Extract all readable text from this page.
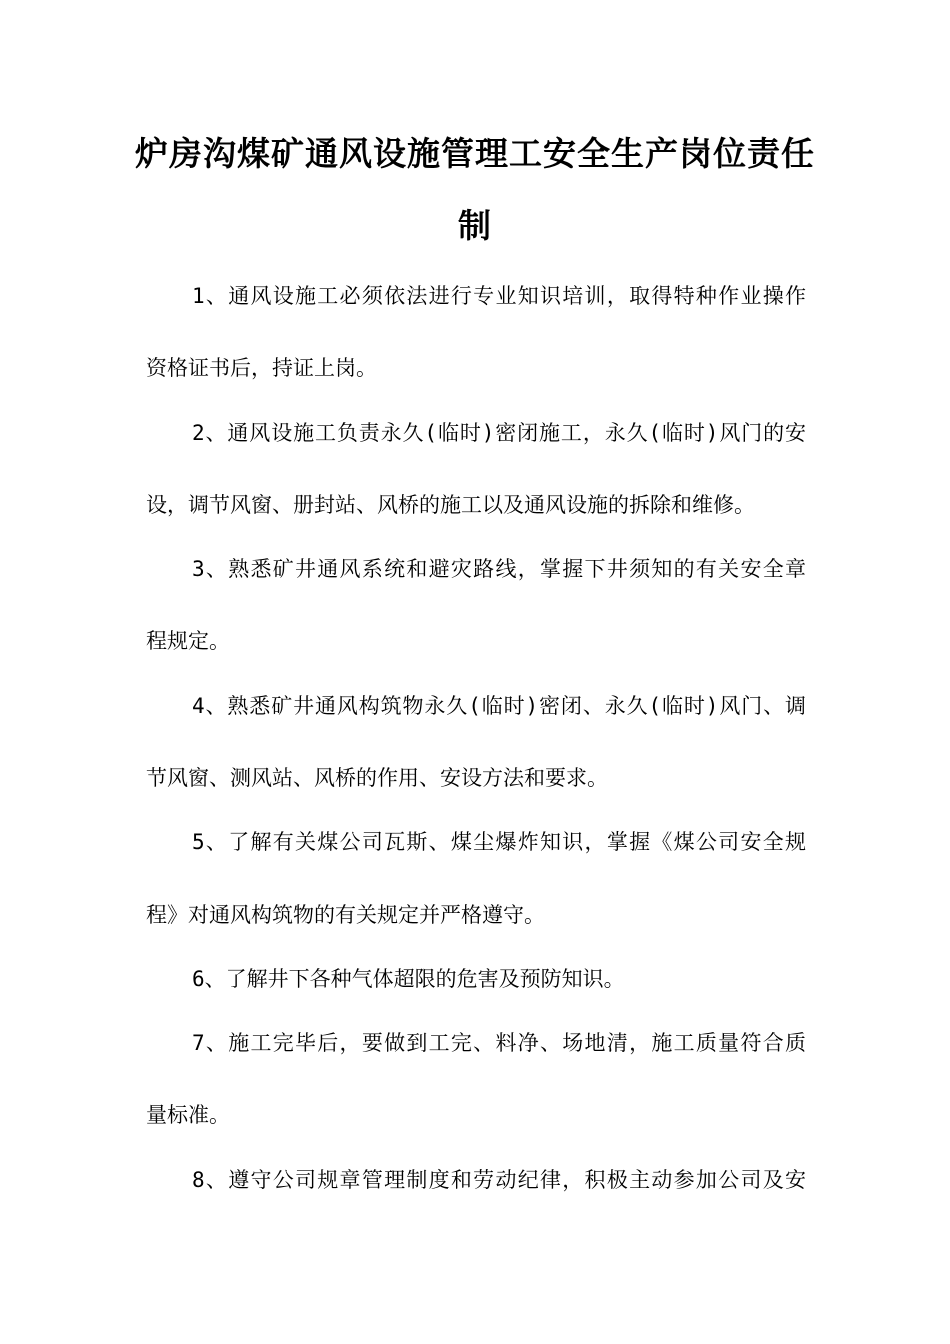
炉房沟煤矿通风设施管理工安全生产岗位责任
制
1、通风设施工必须依法进行专业知识培训，取得特种作业操作
资格证书后，持证上岗。
2、通风设施工负责永久(临时)密闭施工，永久(临时)风门的安
设，调节风窗、册封站、风桥的施工以及通风设施的拆除和维修。
3、熟悉矿井通风系统和避灾路线，掌握下井须知的有关安全章
程规定。
4、熟悉矿井通风构筑物永久(临时)密闭、永久(临时)风门、调
节风窗、测风站、风桥的作用、安设方法和要求。
5、了解有关煤公司瓦斯、煤尘爆炸知识，掌握《煤公司安全规
程》对通风构筑物的有关规定并严格遵守。
6、了解井下各种气体超限的危害及预防知识。
7、施工完毕后，要做到工完、料净、场地清，施工质量符合质
量标准。
8、遵守公司规章管理制度和劳动纪律，积极主动参加公司及安
